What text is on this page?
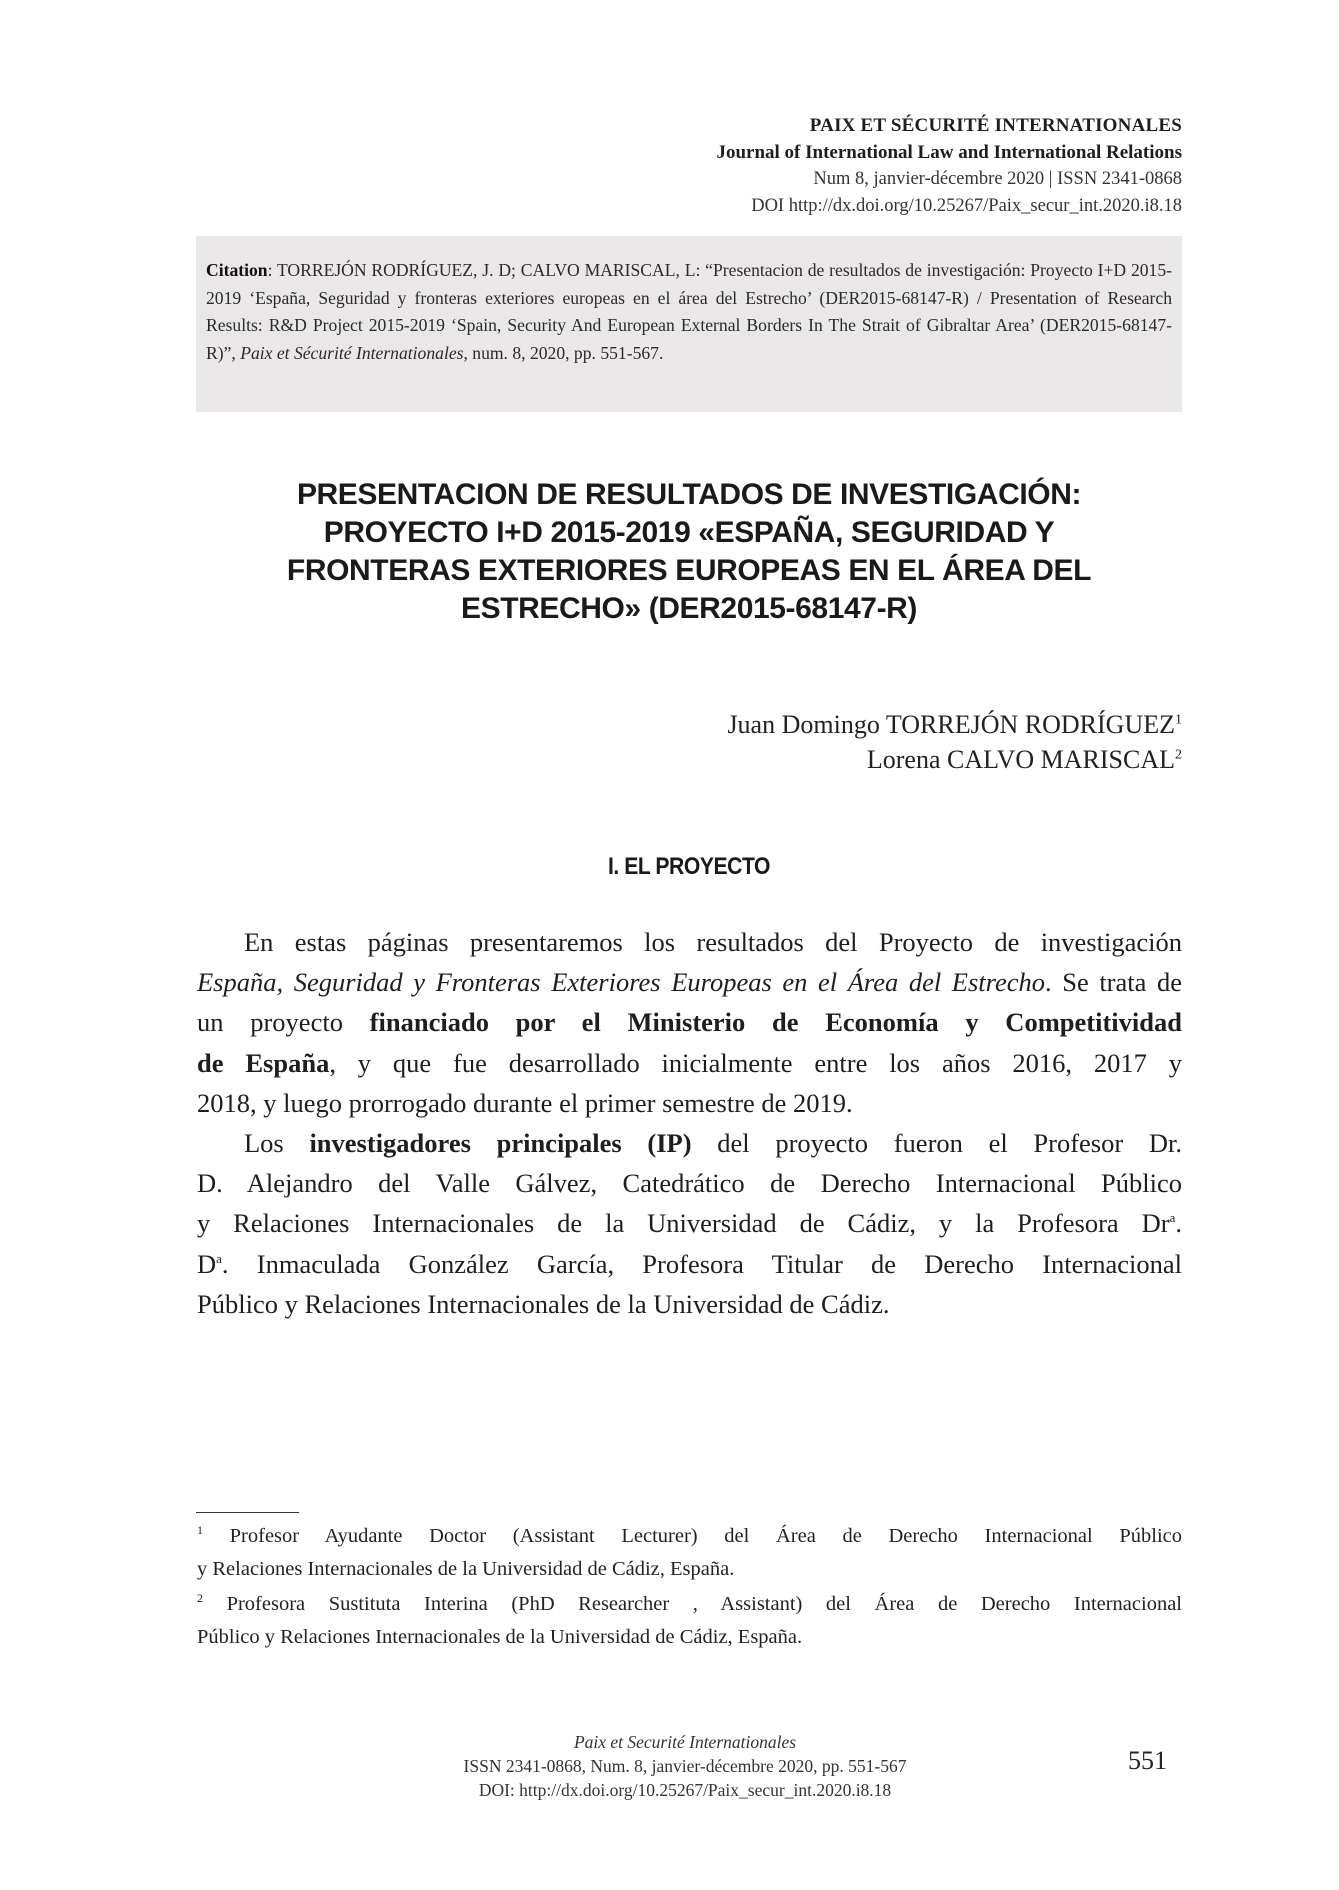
PAIX ET SÉCURITÉ INTERNATIONALES
Journal of International Law and International Relations
Num 8, janvier-décembre 2020 | ISSN 2341-0868
DOI http://dx.doi.org/10.25267/Paix_secur_int.2020.i8.18

Citation: TORREJÓN RODRÍGUEZ, J. D; CALVO MARISCAL, L: “Presentacion de resultados de investigación: Proyecto I+D 2015-2019 ‘España, Seguridad y fronteras exteriores europeas en el área del Estrecho’ (DER2015-68147-R) / Presentation of Research Results: R&D Project 2015-2019 ‘Spain, Security And European External Borders In The Strait of Gibraltar Area’ (DER2015-68147-R)”, Paix et Sécurité Internationales, num. 8, 2020, pp. 551-567.

PRESENTACION DE RESULTADOS DE INVESTIGACIÓN:
PROYECTO I+D 2015-2019 «ESPAÑA, SEGURIDAD Y
FRONTERAS EXTERIORES EUROPEAS EN EL ÁREA DEL
ESTRECHO» (DER2015-68147-R)
Juan Domingo TORREJÓN RODRÍGUEZ$^1$
Lorena CALVO MARISCAL$^2$
I. EL PROYECTO
En estas páginas presentaremos los resultados del Proyecto de investigación
España, Seguridad y Fronteras Exteriores Europeas en el Área del Estrecho. Se trata de
un proyecto financiado por el Ministerio de Economía y Competitividad
de España, y que fue desarrollado inicialmente entre los años 2016, 2017 y
2018, y luego prorrogado durante el primer semestre de 2019.
Los investigadores principales (IP) del proyecto fueron el Profesor Dr.
D. Alejandro del Valle Gálvez, Catedrático de Derecho Internacional Público
y Relaciones Internacionales de la Universidad de Cádiz, y la Profesora Dr$^a$.
$D^a$. Inmaculada González García, Profesora Titular de Derecho Internacional
Público y Relaciones Internacionales de la Universidad de Cádiz.
$^1$ Profesor Ayudante Doctor (Assistant Lecturer) del Área de Derecho Internacional Público
y Relaciones Internacionales de la Universidad de Cádiz, España.
$^2$ Profesora Sustituta Interina (PhD Researcher , Assistant) del Área de Derecho Internacional
Público y Relaciones Internacionales de la Universidad de Cádiz, España.
Paix et Securité Internationales
ISSN 2341-0868, Num. 8, janvier-décembre 2020, pp. 551-567
DOI: http://dx.doi.org/10.25267/Paix_secur_int.2020.i8.18
551
